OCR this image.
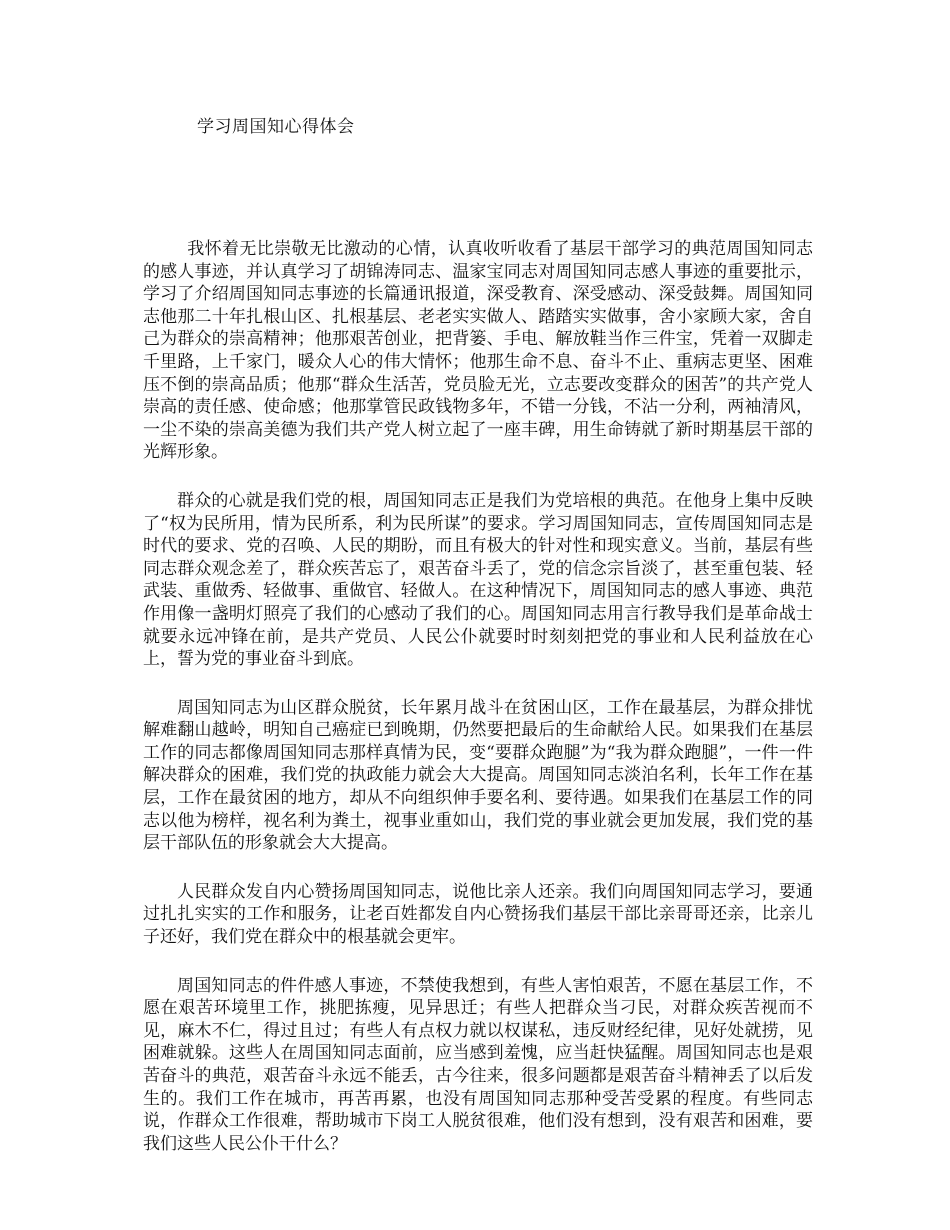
学习周国知心得体会

我怀着无比崇敬无比激动的心情，认真收听收看了基层干部学习的典范周国知同志的感人事迹，并认真学习了胡锦涛同志、温家宝同志对周国知同志感人事迹的重要批示，学习了介绍周国知同志事迹的长篇通讯报道，深受教育、深受感动、深受鼓舞。周国知同志他那二十年扎根山区、扎根基层、老老实实做人、踏踏实实做事，舍小家顾大家，舍自己为群众的崇高精神；他那艰苦创业，把背篓、手电、解放鞋当作三件宝，凭着一双脚走千里路，上千家门，暖众人心的伟大情怀；他那生命不息、奋斗不止、重病志更坚、困难压不倒的崇高品质；他那“群众生活苦，党员脸无光，立志要改变群众的困苦”的共产党人崇高的责任感、使命感；他那掌管民政钱物多年，不错一分钱，不沾一分利，两袖清风，一尘不染的崇高美德为我们共产党人树立起了一座丰碑，用生命铸就了新时期基层干部的光辉形象。

群众的心就是我们党的根，周国知同志正是我们为党培根的典范。在他身上集中反映了“权为民所用，情为民所系，利为民所谋”的要求。学习周国知同志，宣传周国知同志是时代的要求、党的召唤、人民的期盼，而且有极大的针对性和现实意义。当前，基层有些同志群众观念差了，群众疾苦忘了，艰苦奋斗丢了，党的信念宗旨淡了，甚至重包装、轻武装、重做秀、轻做事、重做官、轻做人。在这种情况下，周国知同志的感人事迹、典范作用像一盏明灯照亮了我们的心感动了我们的心。周国知同志用言行教导我们是革命战士就要永远冲锋在前，是共产党员、人民公仆就要时时刻刻把党的事业和人民利益放在心上，誓为党的事业奋斗到底。

周国知同志为山区群众脱贫，长年累月战斗在贫困山区，工作在最基层，为群众排忧解难翻山越岭，明知自己癌症已到晚期，仍然要把最后的生命献给人民。如果我们在基层工作的同志都像周国知同志那样真情为民，变“要群众跑腿”为“我为群众跑腿”，一件一件解决群众的困难，我们党的执政能力就会大大提高。周国知同志淡泊名利，长年工作在基层，工作在最贫困的地方，却从不向组织伸手要名利、要待遇。如果我们在基层工作的同志以他为榜样，视名利为粪土，视事业重如山，我们党的事业就会更加发展，我们党的基层干部队伍的形象就会大大提高。

人民群众发自内心赞扬周国知同志，说他比亲人还亲。我们向周国知同志学习，要通过扎扎实实的工作和服务，让老百姓都发自内心赞扬我们基层干部比亲哥哥还亲，比亲儿子还好，我们党在群众中的根基就会更牢。

周国知同志的件件感人事迹，不禁使我想到，有些人害怕艰苦，不愿在基层工作，不愿在艰苦环境里工作，挑肥拣瘦，见异思迁；有些人把群众当刁民，对群众疾苦视而不见，麻木不仁，得过且过；有些人有点权力就以权谋私，违反财经纪律，见好处就捞，见困难就躲。这些人在周国知同志面前，应当感到羞愧，应当赶快猛醒。周国知同志也是艰苦奋斗的典范，艰苦奋斗永远不能丢，古今往来，很多问题都是艰苦奋斗精神丢了以后发生的。我们工作在城市，再苦再累，也没有周国知同志那种受苦受累的程度。有些同志说，作群众工作很难，帮助城市下岗工人脱贫很难，他们没有想到，没有艰苦和困难，要我们这些人民公仆干什么？
